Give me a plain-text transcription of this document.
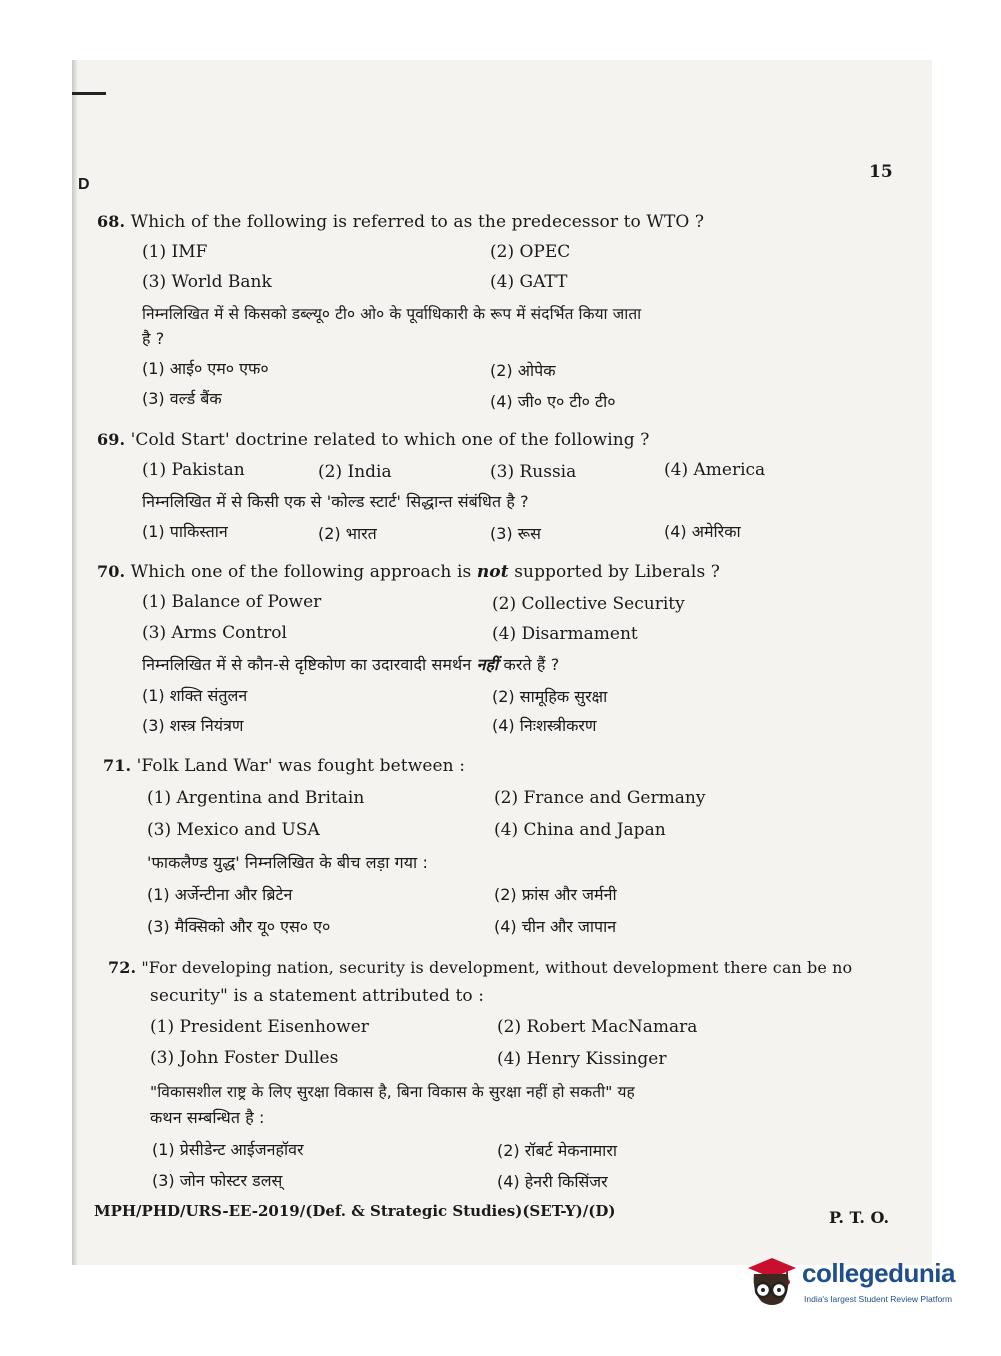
D
15
68. Which of the following is referred to as the predecessor to WTO ?
(1) IMF	(2) OPEC
(3) World Bank	(4) GATT
निम्नलिखित में से किसको डब्ल्यू० टी० ओ० के पूर्वाधिकारी के रूप में संदर्भित किया जाता
है ?
(1) आई० एम० एफ०	(2) ओपेक
(3) वर्ल्ड बैंक	(4) जी० ए० टी० टी०
69. 'Cold Start' doctrine related to which one of the following ?
(1) Pakistan	(2) India	(3) Russia	(4) America
निम्नलिखित में से किसी एक से 'कोल्ड स्टार्ट' सिद्धान्त संबंधित है ?
(1) पाकिस्तान	(2) भारत	(3) रूस	(4) अमेरिका
70. Which one of the following approach is not supported by Liberals ?
(1) Balance of Power	(2) Collective Security
(3) Arms Control	(4) Disarmament
निम्नलिखित में से कौन-से दृष्टिकोण का उदारवादी समर्थन नहीं करते हैं ?
(1) शक्ति संतुलन	(2) सामूहिक सुरक्षा
(3) शस्त्र नियंत्रण	(4) निःशस्त्रीकरण
71. 'Folk Land War' was fought between :
(1) Argentina and Britain	(2) France and Germany
(3) Mexico and USA	(4) China and Japan
'फाकलैण्ड युद्ध' निम्नलिखित के बीच लड़ा गया :
(1) अर्जेन्टीना और ब्रिटेन	(2) फ्रांस और जर्मनी
(3) मैक्सिको और यू० एस० ए०	(4) चीन और जापान
72. "For developing nation, security is development, without development there can be no
security" is a statement attributed to :
(1) President Eisenhower	(2) Robert MacNamara
(3) John Foster Dulles	(4) Henry Kissinger
"विकासशील राष्ट्र के लिए सुरक्षा विकास है, बिना विकास के सुरक्षा नहीं हो सकती" यह
कथन सम्बन्धित है :
(1) प्रेसीडेन्ट आईजनहॉवर	(2) रॉबर्ट मेकनामारा
(3) जोन फोस्टर डलस्	(4) हेनरी किसिंजर
MPH/PHD/URS-EE-2019/(Def. & Strategic Studies)(SET-Y)/(D)	P. T. O.
collegedunia
India's largest Student Review Platform
